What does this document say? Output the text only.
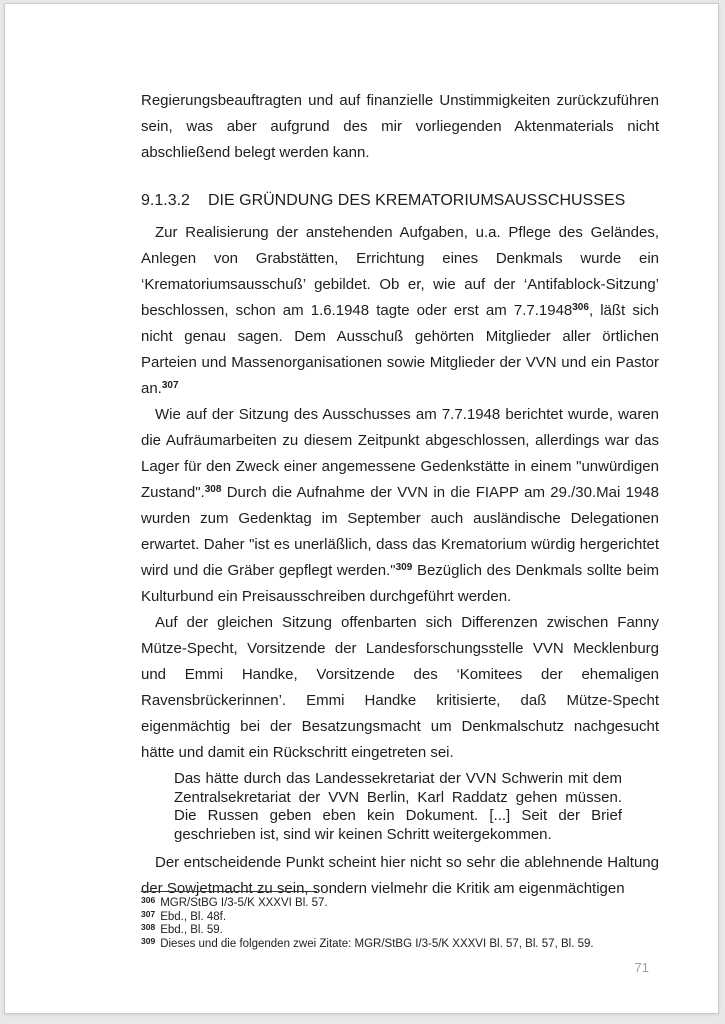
Regierungsbeauftragten und auf finanzielle Unstimmigkeiten zurückzuführen sein, was aber aufgrund des mir vorliegenden Aktenmaterials nicht abschließend belegt werden kann.

9.1.3.2 DIE GRÜNDUNG DES KREMATORIUMSAUSSCHUSSES

Zur Realisierung der anstehenden Aufgaben, u.a. Pflege des Geländes, Anlegen von Grabstätten, Errichtung eines Denkmals wurde ein ‘Krematoriumsausschuß’ gebildet. Ob er, wie auf der ‘Antifablock-Sitzung’ beschlossen, schon am 1.6.1948 tagte oder erst am 7.7.1948$^{306}$, läßt sich nicht genau sagen. Dem Ausschuß gehörten Mitglieder aller örtlichen Parteien und Massenorganisationen sowie Mitglieder der VVN und ein Pastor an.$^{307}$

Wie auf der Sitzung des Ausschusses am 7.7.1948 berichtet wurde, waren die Aufräumarbeiten zu diesem Zeitpunkt abgeschlossen, allerdings war das Lager für den Zweck einer angemessene Gedenkstätte in einem "unwürdigen Zustand".$^{308}$ Durch die Aufnahme der VVN in die FIAPP am 29./30.Mai 1948 wurden zum Gedenktag im September auch ausländische Delegationen erwartet. Daher "ist es unerläßlich, dass das Krematorium würdig hergerichtet wird und die Gräber gepflegt werden."$^{309}$ Bezüglich des Denkmals sollte beim Kulturbund ein Preisausschreiben durchgeführt werden.

Auf der gleichen Sitzung offenbarten sich Differenzen zwischen Fanny Mütze-Specht, Vorsitzende der Landesforschungsstelle VVN Mecklenburg und Emmi Handke, Vorsitzende des ‘Komitees der ehemaligen Ravensbrückerinnen’. Emmi Handke kritisierte, daß Mütze-Specht eigenmächtig bei der Besatzungsmacht um Denkmalschutz nachgesucht hätte und damit ein Rückschritt eingetreten sei.

Das hätte durch das Landessekretariat der VVN Schwerin mit dem Zentralsekretariat der VVN Berlin, Karl Raddatz gehen müssen. Die Russen geben eben kein Dokument. [...] Seit der Brief geschrieben ist, sind wir keinen Schritt weitergekommen.

Der entscheidende Punkt scheint hier nicht so sehr die ablehnende Haltung der Sowjetmacht zu sein, sondern vielmehr die Kritik am eigenmächtigen

$^{306}$ MGR/StBG I/3-5/K XXXVI Bl. 57.
$^{307}$ Ebd., Bl. 48f.
$^{308}$ Ebd., Bl. 59.
$^{309}$ Dieses und die folgenden zwei Zitate: MGR/StBG I/3-5/K XXXVI Bl. 57, Bl. 57, Bl. 59.
71
